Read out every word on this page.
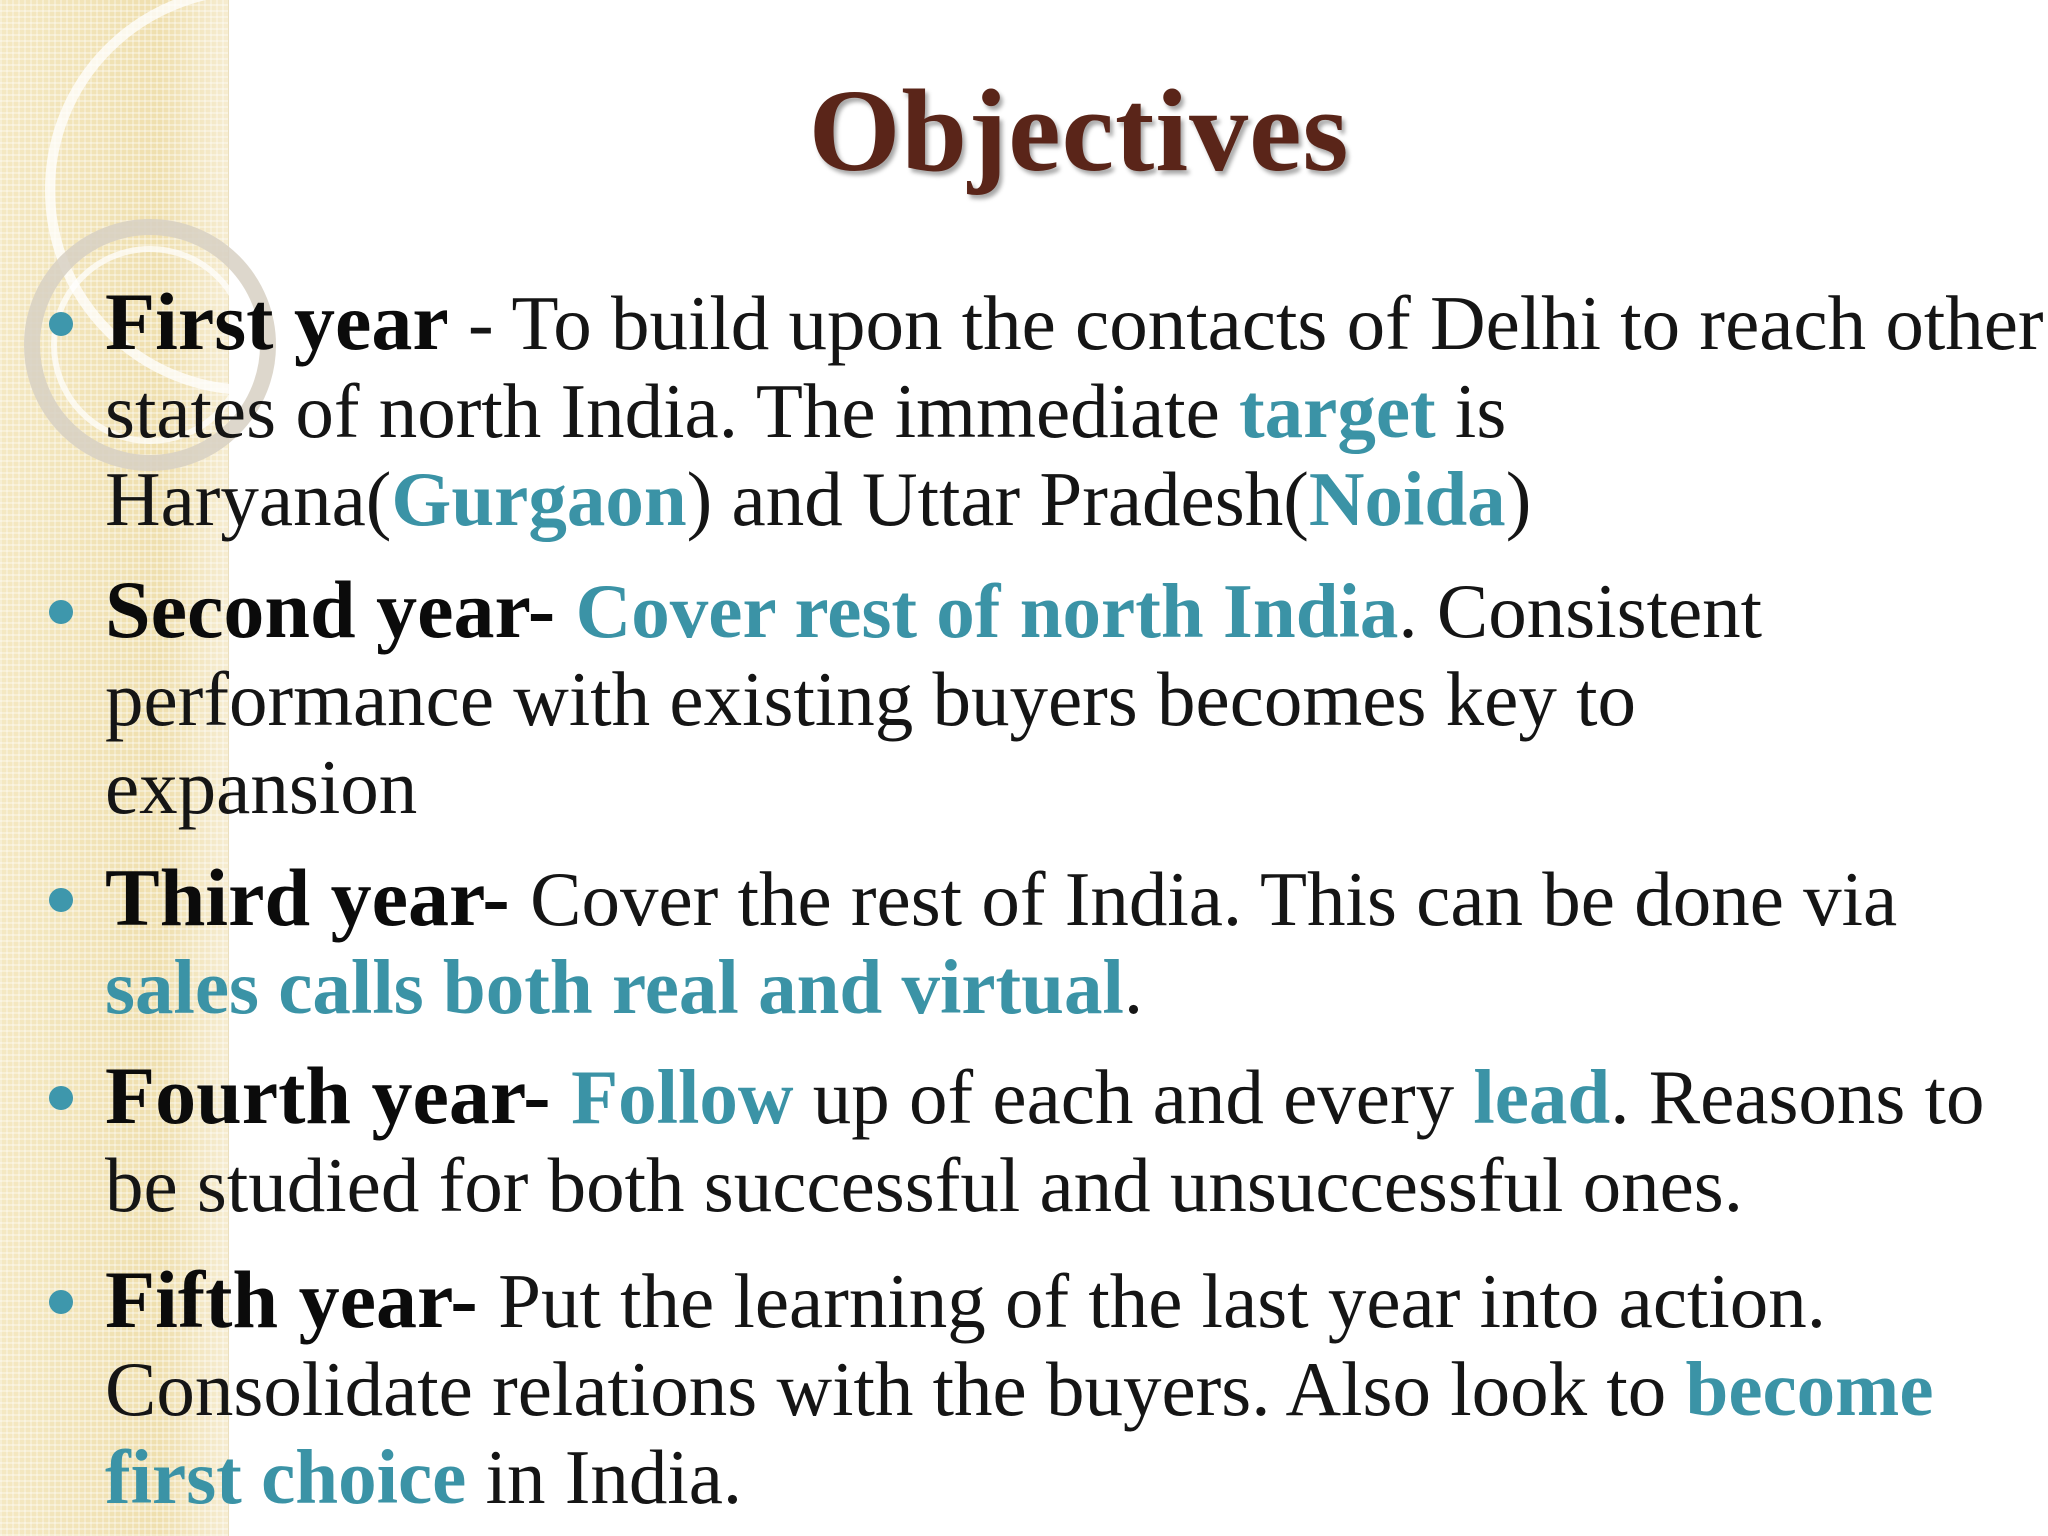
Objectives
First year - To build upon the contacts of Delhi to reach other states of north India. The immediate target is Haryana(Gurgaon) and Uttar Pradesh(Noida)
Second year- Cover rest of north India. Consistent performance with existing buyers becomes key to expansion
Third year- Cover the rest of India. This can be done via sales calls both real and virtual.
Fourth year- Follow up of each and every lead. Reasons to be studied for both successful and unsuccessful ones.
Fifth year- Put the learning of the last year into action. Consolidate relations with the buyers. Also look to become first choice in India.
